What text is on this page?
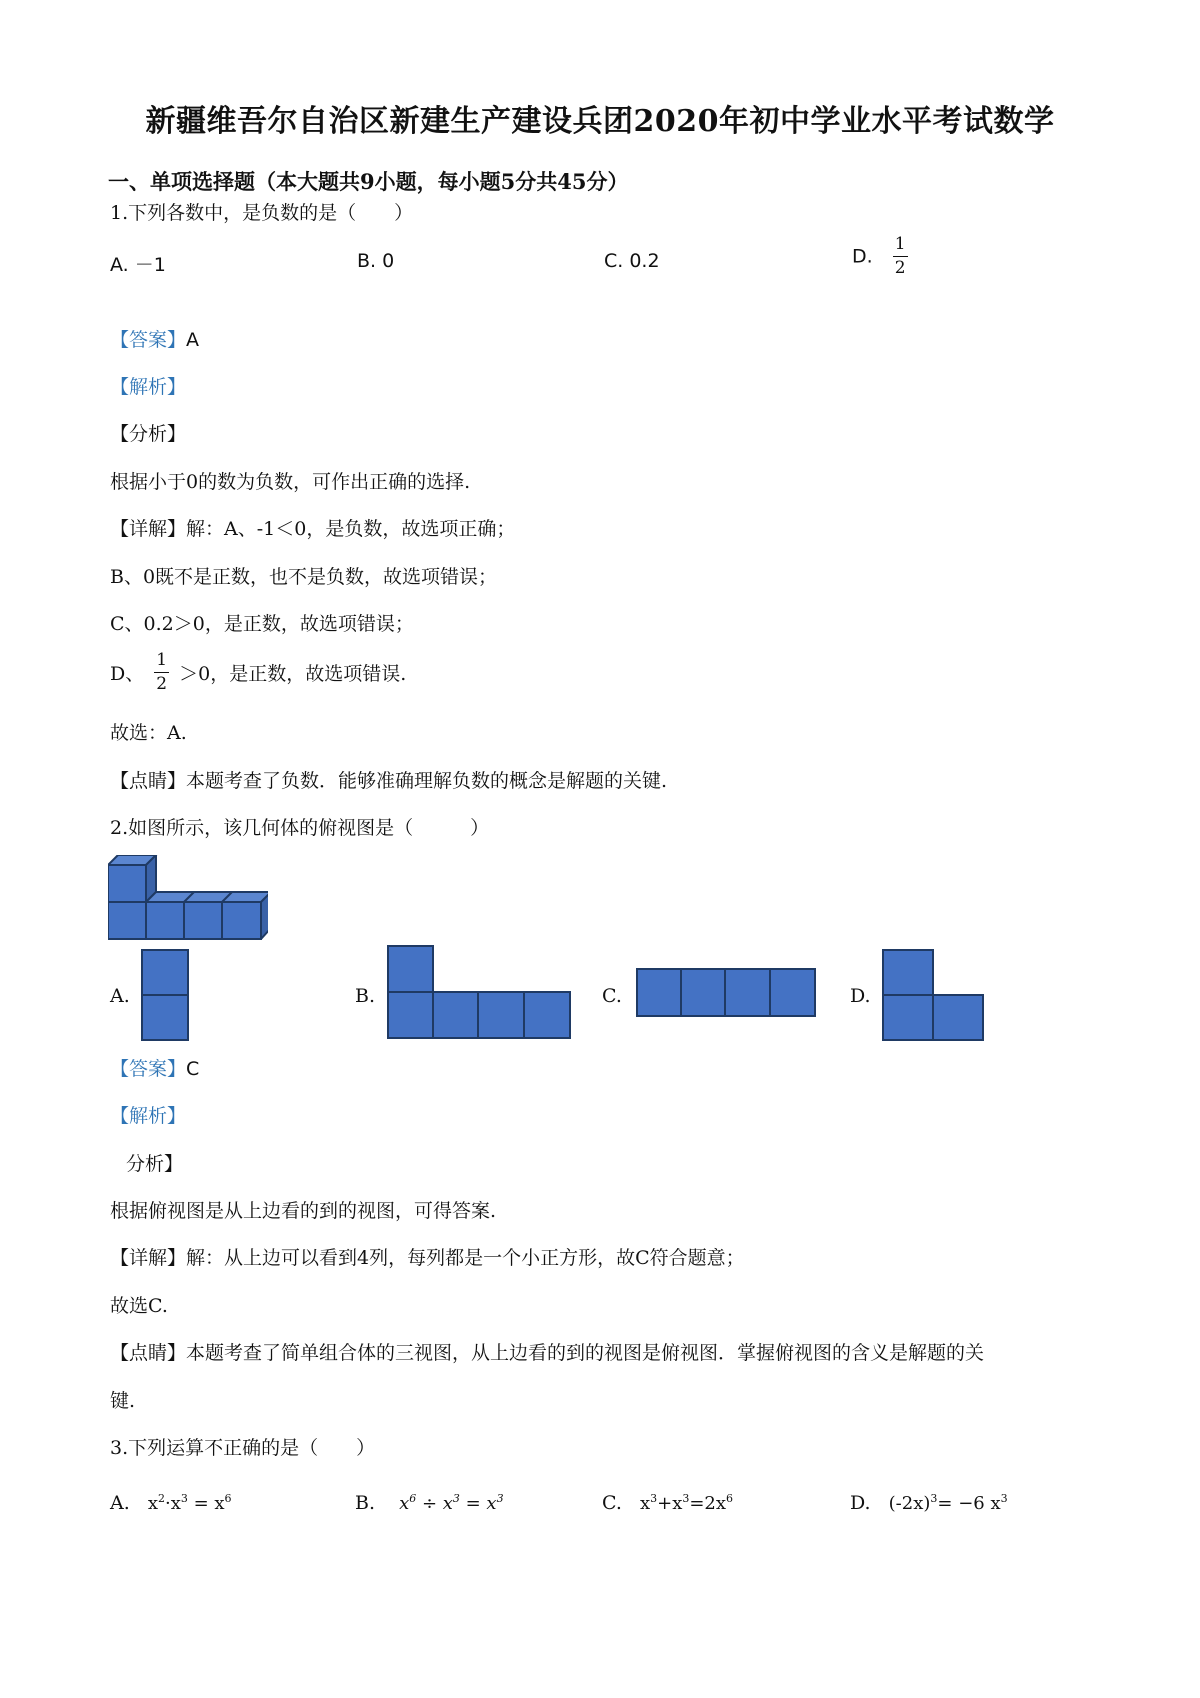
新疆维吾尔自治区新建生产建设兵团2020年初中学业水平考试数学
一、单项选择题（本大题共9小题，每小题5分共45分）
1.下列各数中，是负数的是（　　）
A. －1	B. 0	C. 0.2	D. $\frac{1}{2}$
【答案】A
【解析】
【分析】
根据小于0的数为负数，可作出正确的选择.
【详解】解：A、-1＜0，是负数，故选项正确；
B、0既不是正数，也不是负数，故选项错误；
C、0.2＞0，是正数，故选项错误；
D、 $\frac{1}{2} >0$，是正数，故选项错误.
故选：A.
【点睛】本题考查了负数．能够准确理解负数的概念是解题的关键.
2.如图所示，该几何体的俯视图是（　　　）
A.	B.	C.	D.
【答案】C
【解析】
分析】
根据俯视图是从上边看的到的视图，可得答案.
【详解】解：从上边可以看到4列，每列都是一个小正方形，故C符合题意；
故选C.
【点睛】本题考查了简单组合体的三视图，从上边看的到的视图是俯视图．掌握俯视图的含义是解题的关
键.
3.下列运算不正确的是（　　）
A. $x^2\cdot x^3 = x^6$	B. $x^6 \div x^3 = x^3$	C. $x^3+x^3=2x^6$	D. $(-2x)^3= -6$ $x^3$
